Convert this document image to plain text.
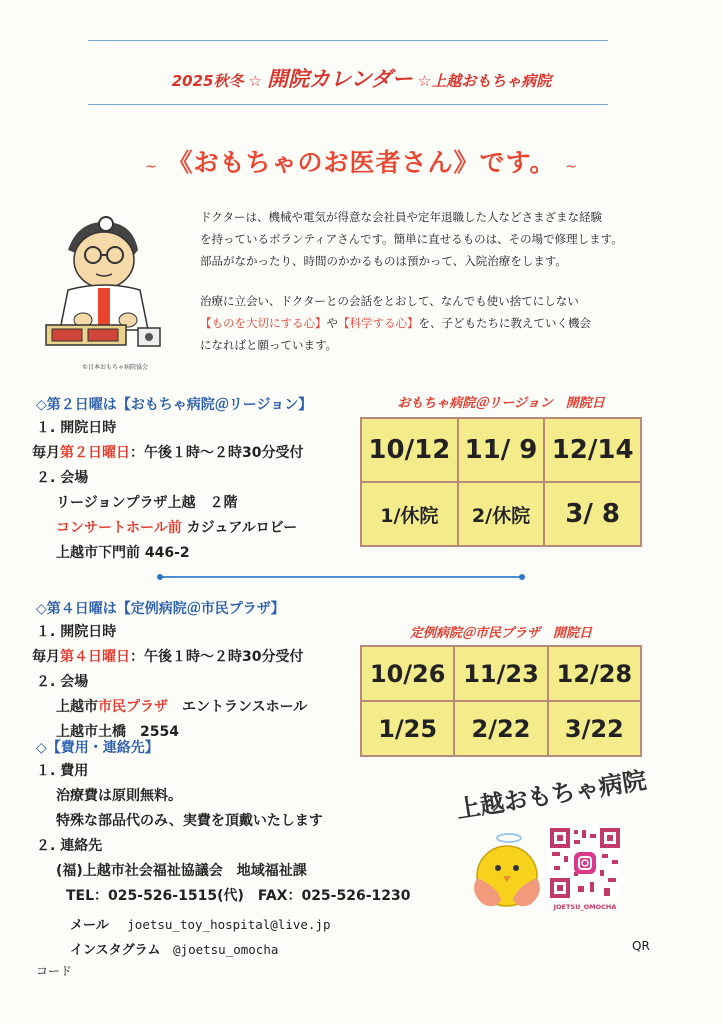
2025秋冬 ☆ 開院カレンダー ☆上越おもちゃ病院
~ 《おもちゃのお医者さん》です。 ~
©日本おもちゃ病院協会

ドクターは、機械や電気が得意な会社員や定年退職した人などさまざまな経験

を持っているボランティアさんです。簡単に直せるものは、その場で修理します。

部品がなかったり、時間のかかるものは預かって、入院治療をします。

治療に立会い、ドクターとの会話をとおして、なんでも使い捨てにしない

【ものを大切にする心】や【科学する心】を、子どもたちに教えていく機会

になればと願っています。

◇第２日曜は【おもちゃ病院＠リージョン】
１. 開院日時
毎月第２日曜日：午後１時～２時30分受付
２. 会場
リージョンプラザ上越　２階
コンサートホール前 カジュアルロビー
上越市下門前 446-2
おもちゃ病院＠リージョン　開院日
10/12	11/ 9	12/14
1/休院	2/休院	3/ 8
◇第４日曜は【定例病院＠市民プラザ】
１. 開院日時
毎月第４日曜日：午後１時～２時30分受付
２. 会場
上越市市民プラザ　エントランスホール
上越市土橋　2554
定例病院＠市民プラザ　開院日
10/26	11/23	12/28
1/25	2/22	3/22
◇【費用・連絡先】
１. 費用
治療費は原則無料。
特殊な部品代のみ、実費を頂戴いたします
２. 連絡先
(福)上越市社会福祉協議会　地域福祉課
TEL：025-526-1515(代)　FAX：025-526-1230
メール joetsu_toy_hospital@live.jp
インスタグラム @joetsu_omocha	QR
コード
上越おもちゃ病院
JOETSU_OMOCHA
